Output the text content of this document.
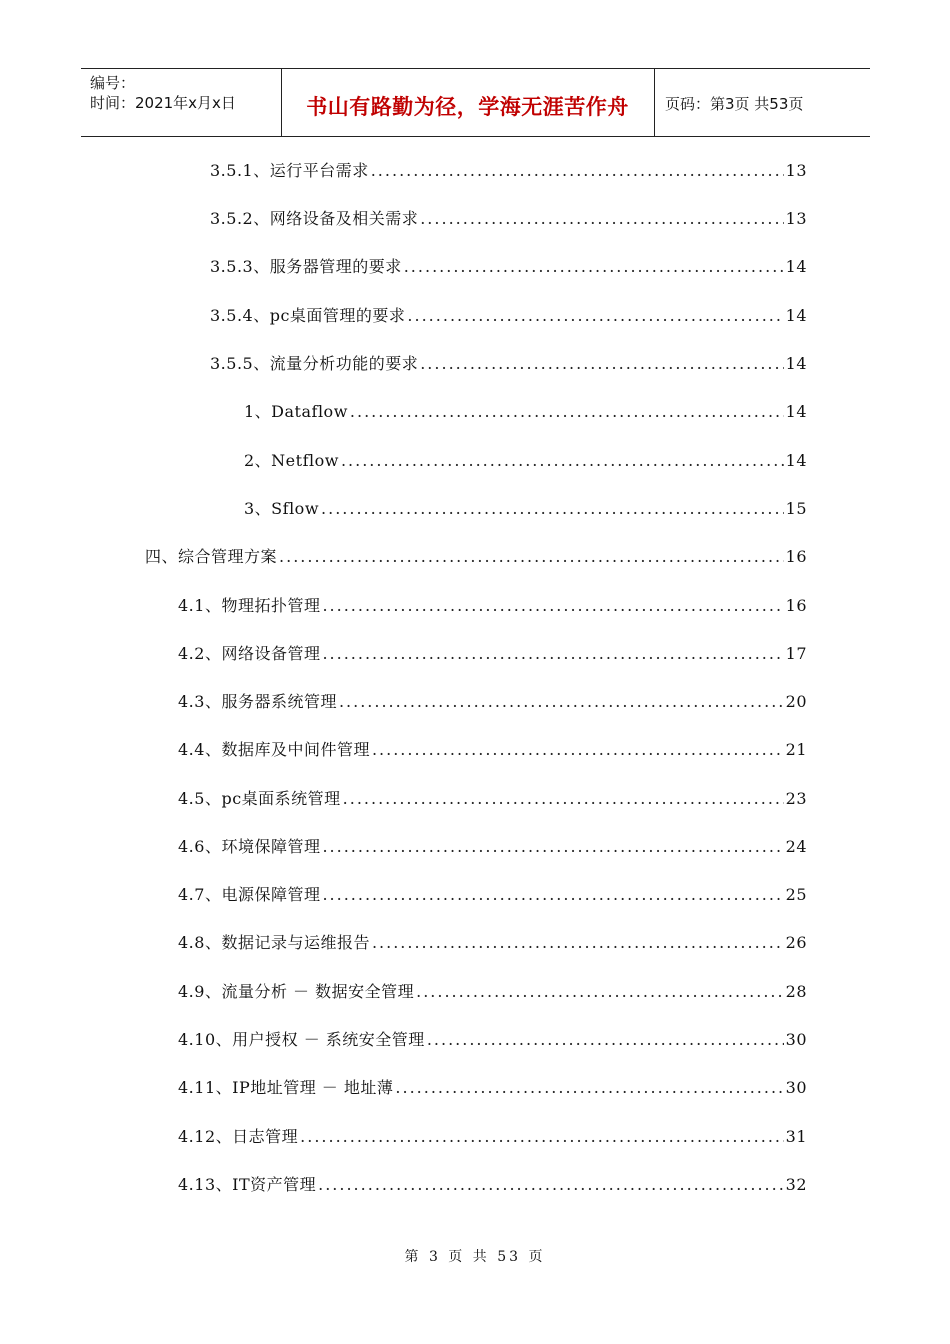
编号：
时间：2021年x月x日	书山有路勤为径，学海无涯苦作舟	页码：第3页 共53页
3.5.1、运行平台需求 .....	13
3.5.2、网络设备及相关需求 .....	13
3.5.3、服务器管理的要求 .....	14
3.5.4、pc桌面管理的要求 .....	14
3.5.5、流量分析功能的要求 .....	14
1、Dataflow .....	14
2、Netflow .....	14
3、Sflow .....	15
四、综合管理方案 .....	16
4.1、物理拓扑管理 .....	16
4.2、网络设备管理 .....	17
4.3、服务器系统管理 .....	20
4.4、数据库及中间件管理 .....	21
4.5、pc桌面系统管理 .....	23
4.6、环境保障管理 .....	24
4.7、电源保障管理 .....	25
4.8、数据记录与运维报告 .....	26
4.9、流量分析 － 数据安全管理 .....	28
4.10、用户授权 － 系统安全管理 .....	30
4.11、IP地址管理 － 地址薄 .....	30
4.12、日志管理 .....	31
4.13、IT资产管理 .....	32
第 3 页 共 53 页
